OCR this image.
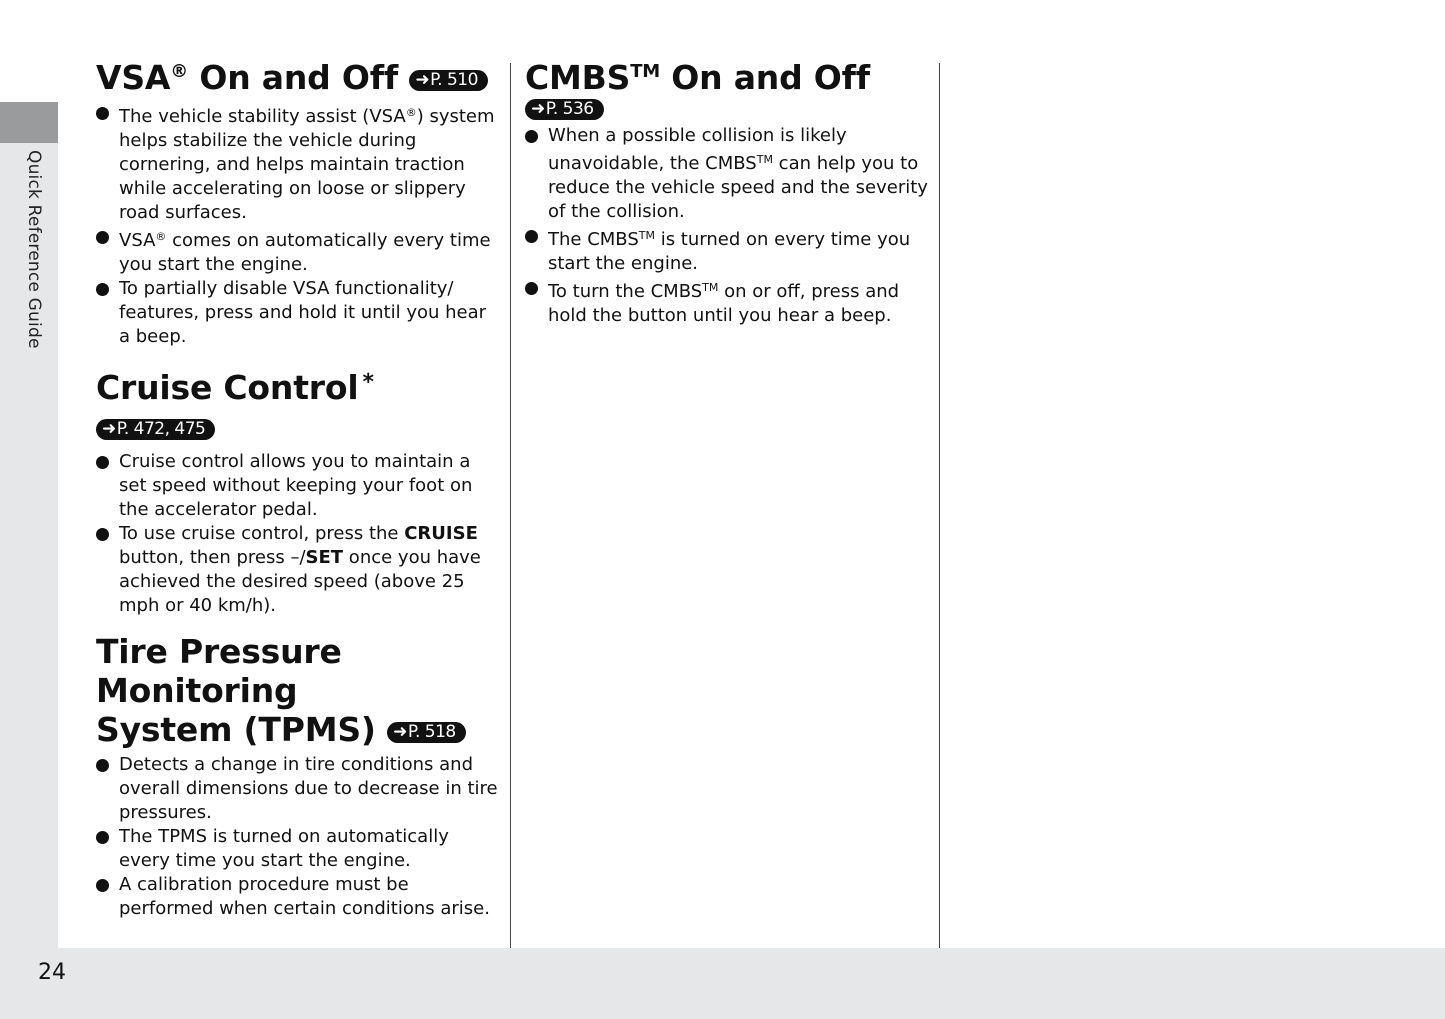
Quick Reference Guide
24
VSA® On and Off ➜P. 510
The vehicle stability assist (VSA®) system helps stabilize the vehicle during cornering, and helps maintain traction while accelerating on loose or slippery road surfaces.
VSA® comes on automatically every time you start the engine.
To partially disable VSA functionality/ features, press and hold it until you hear a beep.
Cruise Control * ➜P. 472, 475
Cruise control allows you to maintain a set speed without keeping your foot on the accelerator pedal.
To use cruise control, press the CRUISE button, then press –/SET once you have achieved the desired speed (above 25 mph or 40 km/h).
Tire Pressure Monitoring
System (TPMS) ➜P. 518
Detects a change in tire conditions and overall dimensions due to decrease in tire pressures.
The TPMS is turned on automatically every time you start the engine.
A calibration procedure must be performed when certain conditions arise.
CMBS™ On and Off
➜P. 536
When a possible collision is likely unavoidable, the CMBS™ can help you to reduce the vehicle speed and the severity of the collision.
The CMBS™ is turned on every time you start the engine.
To turn the CMBS™ on or off, press and hold the button until you hear a beep.
